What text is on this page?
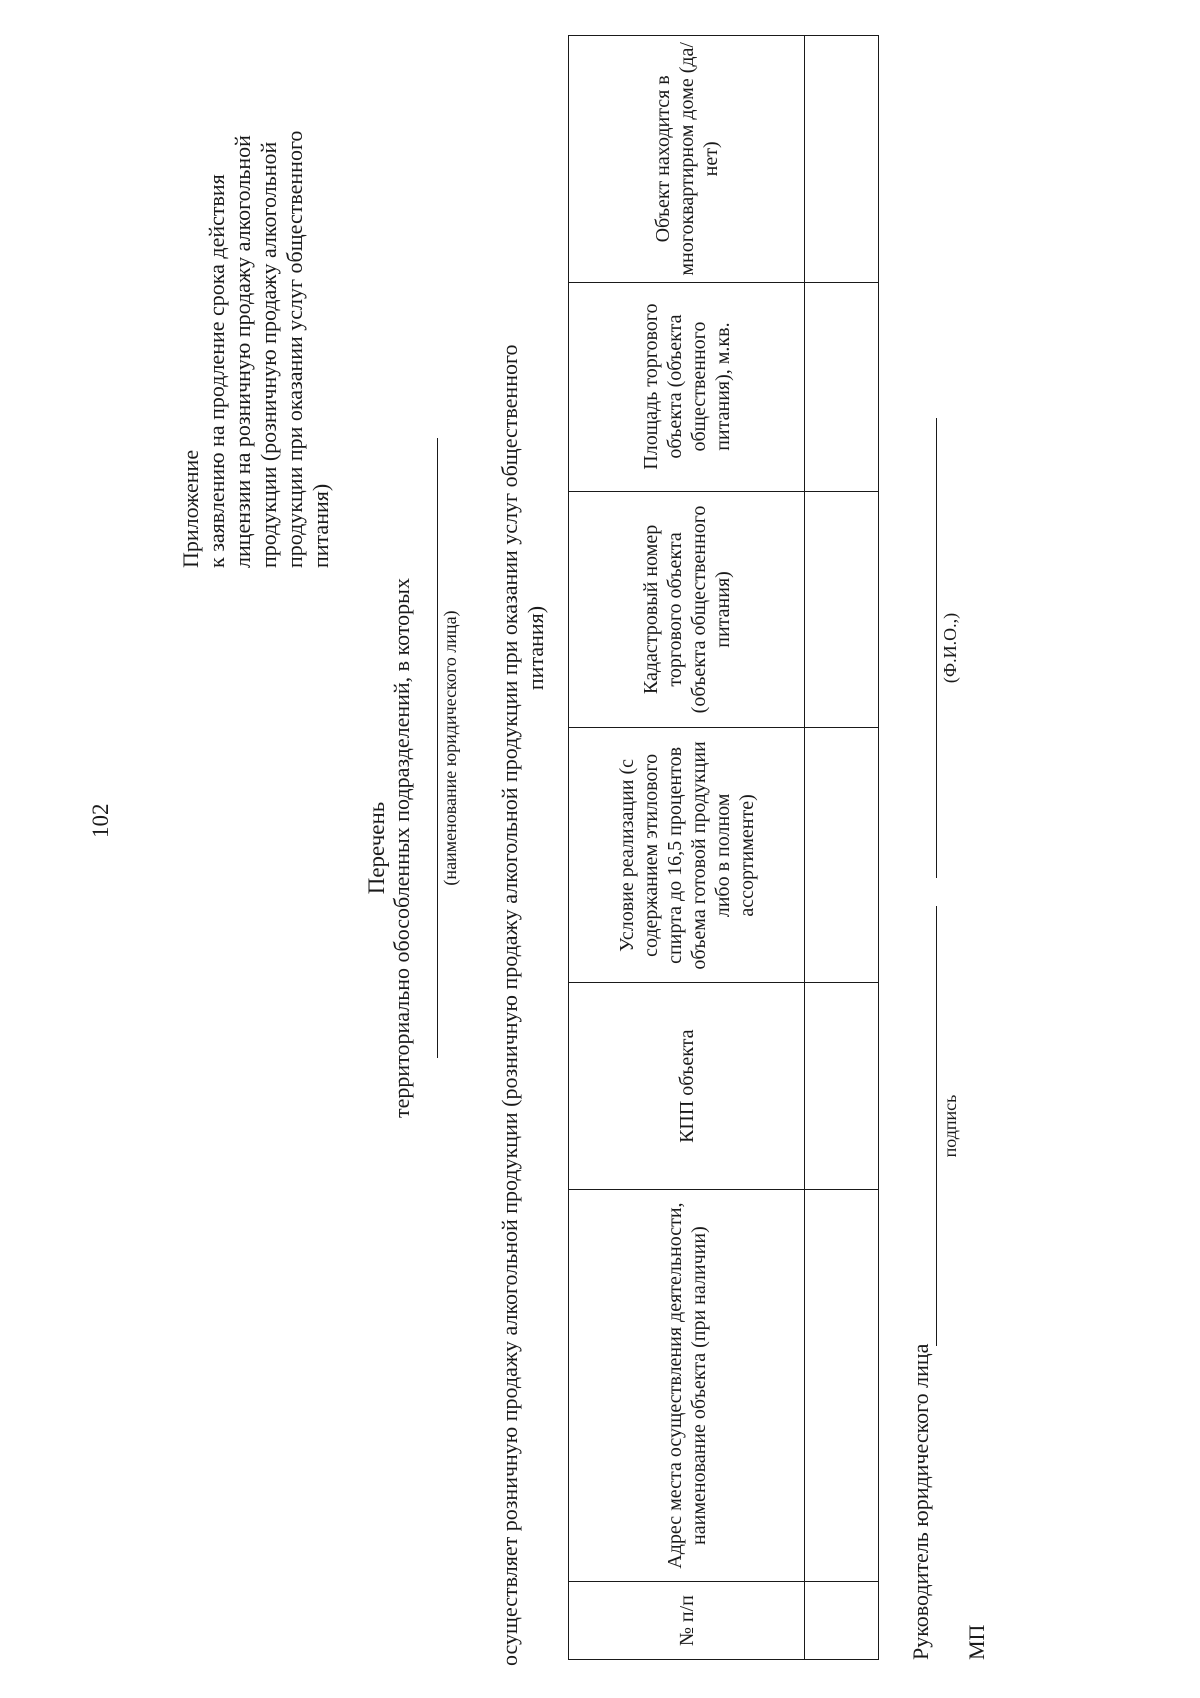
102
Приложение к заявлению на продление срока действия лицензии на розничную продажу алкогольной продукции (розничную продажу алкогольной продукции при оказании услуг общественного питания)
Перечень территориально обособленных подразделений, в которых (наименование юридического лица) осуществляет розничную продажу алкогольной продукции (розничную продажу алкогольной продукции при оказании услуг общественного питания)
№ п/п	Адрес места осуществления деятельности, наименование объекта (при наличии)	КПП объекта	Условие реализации (с содержанием этилового спирта до 16,5 процентов объема готовой продукции либо в полном ассортименте)	Кадастровый номер торгового объекта (объекта общественного питания)	Площадь торгового объекта (объекта общественного питания), м.кв.	Объект находится в многоквартирном доме (да/нет)

Руководитель юридического лица
подпись
(Ф.И.О.,)
МП
